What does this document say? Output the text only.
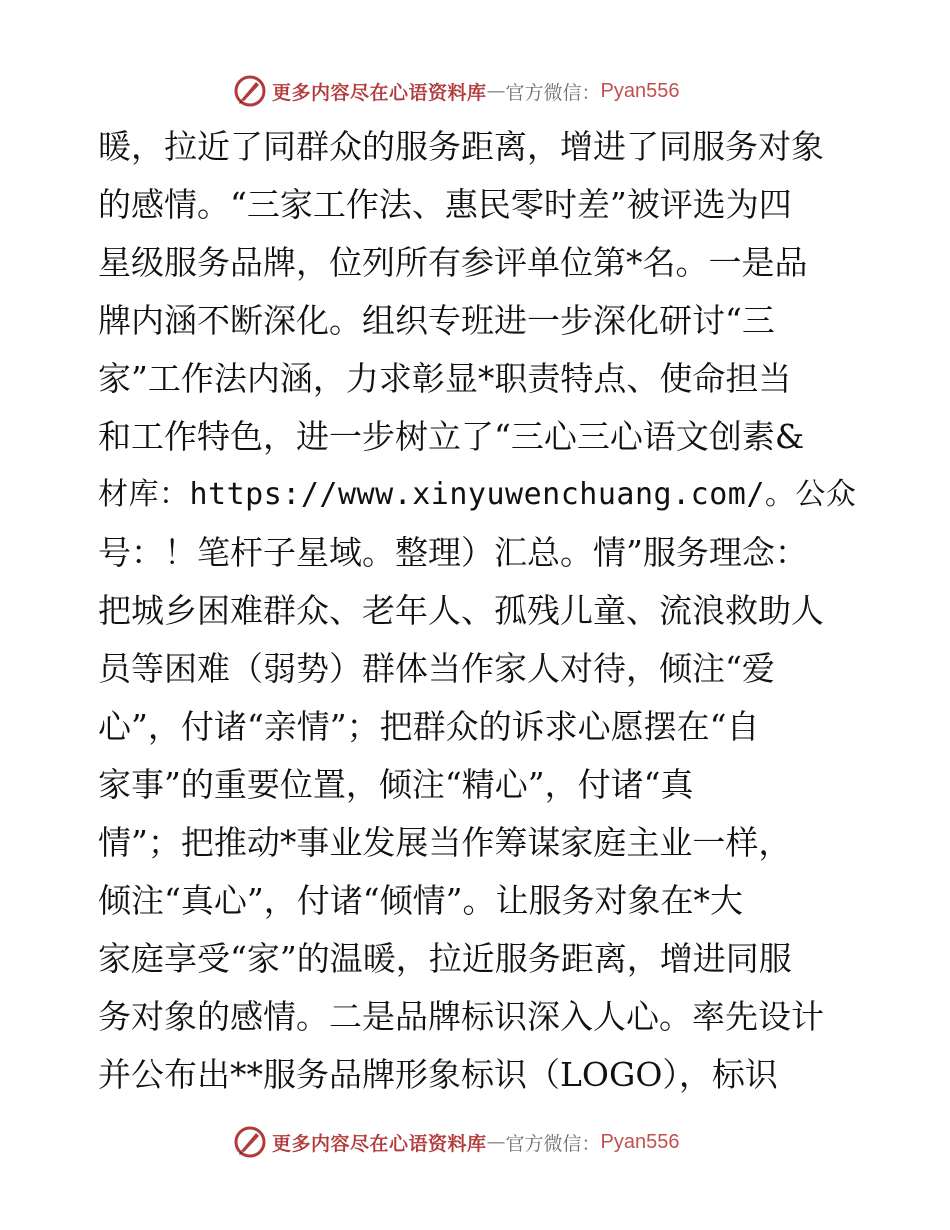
更多内容尽在心语资料库 — 官方微信： Pyan556
暖，拉近了同群众的服务距离，增进了同服务对象
的感情。“三家工作法、惠民零时差”被评选为四
星级服务品牌，位列所有参评单位第*名。一是品
牌内涵不断深化。组织专班进一步深化研讨“三
家”工作法内涵，力求彰显*职责特点、使命担当
和工作特色，进一步树立了“三心三心语文创素&
材库：https://www.xinyuwenchuang.com/。公众
号：！笔杆子星域。整理）汇总。情”服务理念：
把城乡困难群众、老年人、孤残儿童、流浪救助人
员等困难（弱势）群体当作家人对待，倾注“爱
心”，付诸“亲情”；把群众的诉求心愿摆在“自
家事”的重要位置，倾注“精心”，付诸“真
情”；把推动*事业发展当作筹谋家庭主业一样，
倾注“真心”，付诸“倾情”。让服务对象在*大
家庭享受“家”的温暖，拉近服务距离，增进同服
务对象的感情。二是品牌标识深入人心。率先设计
并公布出**服务品牌形象标识（LOGO），标识
更多内容尽在心语资料库 — 官方微信： Pyan556
